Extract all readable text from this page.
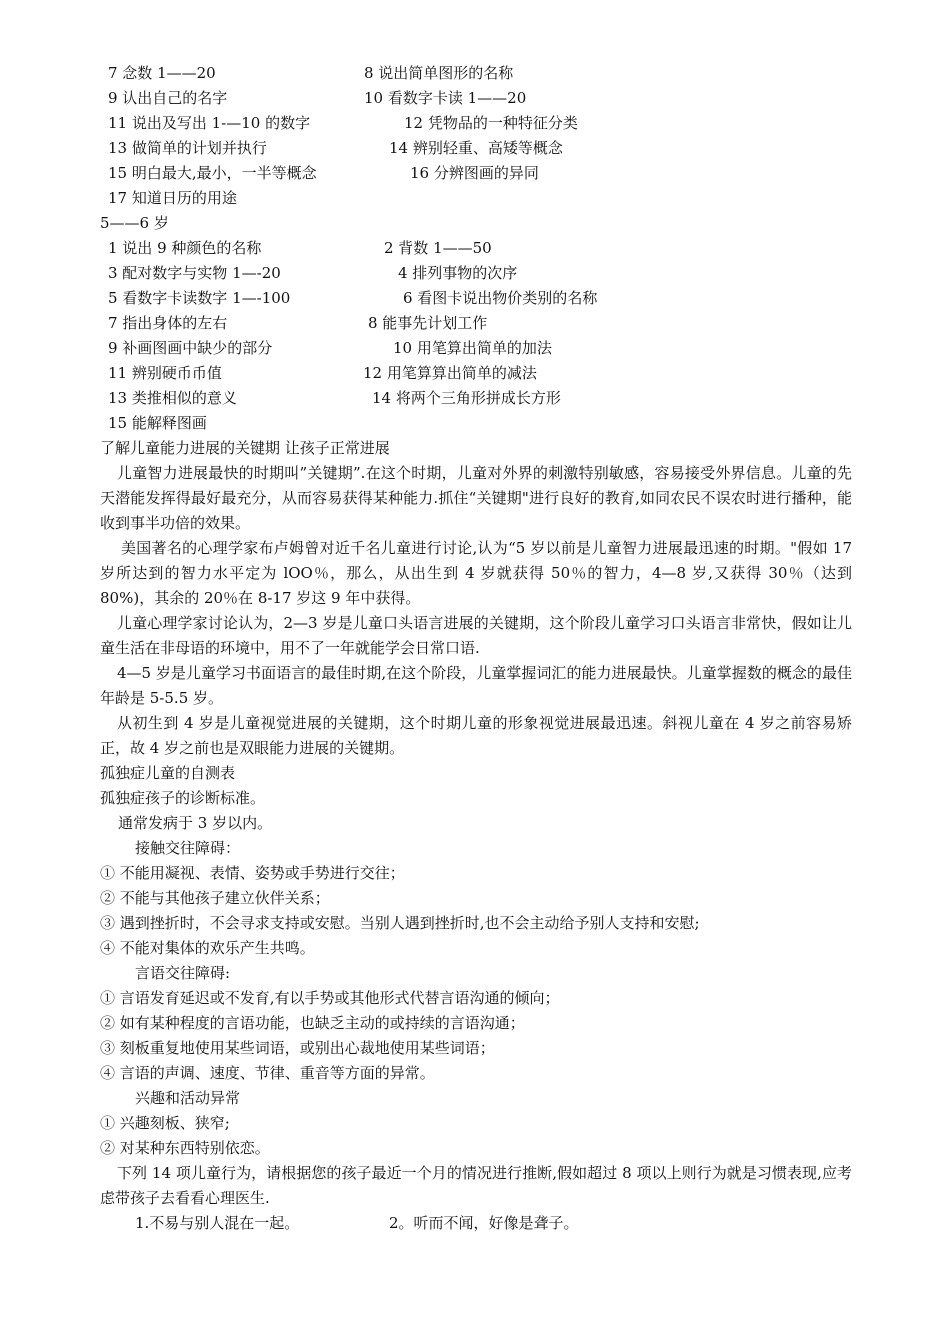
7 念数 1——20	8 说出简单图形的名称
9 认出自己的名字	10 看数字卡读 1——20
11 说出及写出 1-—10 的数字	12 凭物品的一种特征分类
13 做简单的计划并执行	14 辨别轻重、高矮等概念
15 明白最大,最小，一半等概念	16 分辨图画的异同
17 知道日历的用途
5——6 岁
1 说出 9 种颜色的名称	2 背数 1——50
3 配对数字与实物 1—-20	4 排列事物的次序
5 看数字卡读数字 1—-100	6 看图卡说出物价类别的名称
7 指出身体的左右	8 能事先计划工作
9 补画图画中缺少的部分	10 用笔算出简单的加法
11 辨别硬币币值	12 用笔算算出简单的减法
13 类推相似的意义	14 将两个三角形拼成长方形
15 能解释图画
了解儿童能力进展的关键期 让孩子正常进展
儿童智力进展最快的时期叫”关键期”.在这个时期，儿童对外界的刺激特别敏感，容易接受外界信息。儿童的先天潜能发挥得最好最充分，从而容易获得某种能力.抓住“关键期"进行良好的教育,如同农民不误农时进行播种，能收到事半功倍的效果。
美国著名的心理学家布卢姆曾对近千名儿童进行讨论,认为“5 岁以前是儿童智力进展最迅速的时期。"假如 17 岁所达到的智力水平定为 lOO％，那么，从出生到 4 岁就获得 50％的智力，4—8 岁,又获得 30％（达到 80%)，其余的 20％在 8-17 岁这 9 年中获得。
儿童心理学家讨论认为，2—3 岁是儿童口头语言进展的关键期，这个阶段儿童学习口头语言非常快，假如让儿童生活在非母语的环境中，用不了一年就能学会日常口语.
4—5 岁是儿童学习书面语言的最佳时期,在这个阶段，儿童掌握词汇的能力进展最快。儿童掌握数的概念的最佳年龄是 5-5.5 岁。
从初生到 4 岁是儿童视觉进展的关键期，这个时期儿童的形象视觉进展最迅速。斜视儿童在 4 岁之前容易矫正，故 4 岁之前也是双眼能力进展的关键期。
孤独症儿童的自测表
孤独症孩子的诊断标准。
通常发病于 3 岁以内。
接触交往障碍：
① 不能用凝视、表情、姿势或手势进行交往；
② 不能与其他孩子建立伙伴关系；
③ 遇到挫折时，不会寻求支持或安慰。当别人遇到挫折时,也不会主动给予别人支持和安慰;
④ 不能对集体的欢乐产生共鸣。
言语交往障碍:
① 言语发育延迟或不发育,有以手势或其他形式代替言语沟通的倾向；
② 如有某种程度的言语功能，也缺乏主动的或持续的言语沟通；
③ 刻板重复地使用某些词语，或别出心裁地使用某些词语；
④ 言语的声调、速度、节律、重音等方面的异常。
兴趣和活动异常
① 兴趣刻板、狭窄;
② 对某种东西特别依恋。
下列 14 项儿童行为，请根据您的孩子最近一个月的情况进行推断,假如超过 8 项以上则行为就是习惯表现,应考虑带孩子去看看心理医生.
1.不易与别人混在一起。	2。听而不闻，好像是聋子。
